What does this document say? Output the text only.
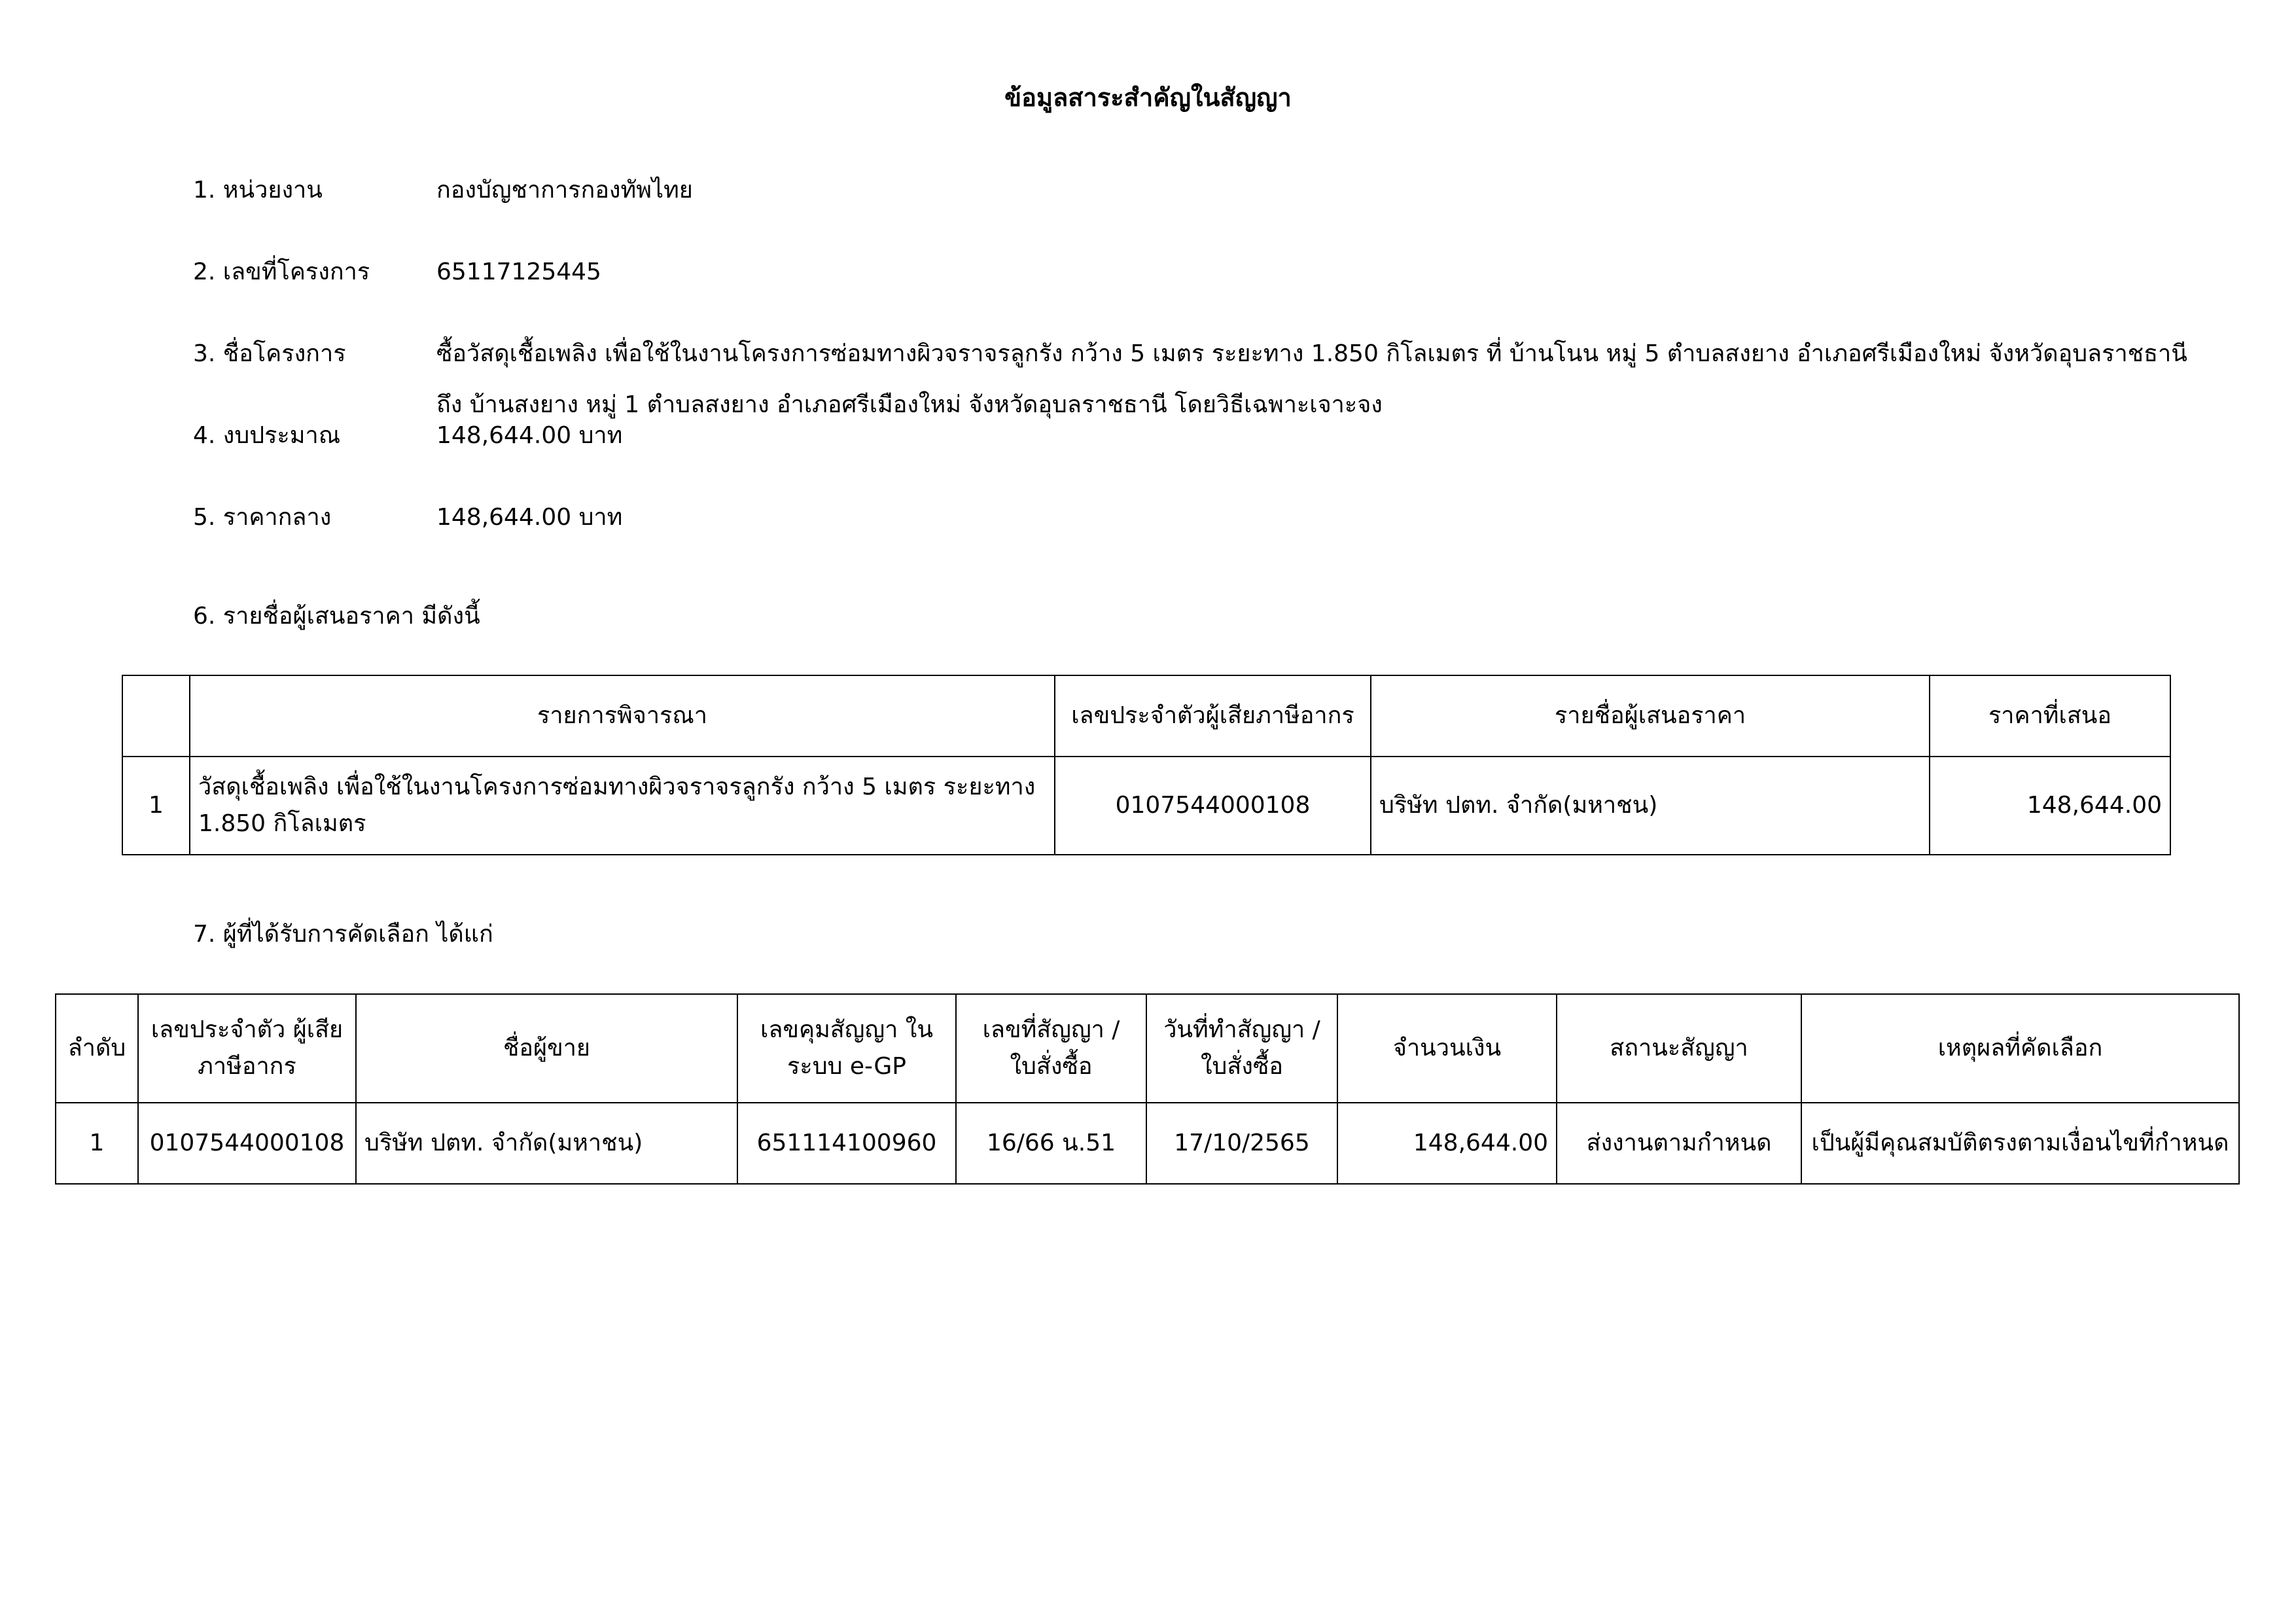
ข้อมูลสาระสำคัญในสัญญา
1. หน่วยงาน	กองบัญชาการกองทัพไทย
2. เลขที่โครงการ	65117125445
3. ชื่อโครงการ	ซื้อวัสดุเชื้อเพลิง เพื่อใช้ในงานโครงการซ่อมทางผิวจราจรลูกรัง กว้าง 5 เมตร ระยะทาง 1.850 กิโลเมตร ที่ บ้านโนน หมู่ 5 ตำบลสงยาง อำเภอศรีเมืองใหม่ จังหวัดอุบลราชธานี ถึง บ้านสงยาง หมู่ 1 ตำบลสงยาง อำเภอศรีเมืองใหม่ จังหวัดอุบลราชธานี โดยวิธีเฉพาะเจาะจง
4. งบประมาณ	148,644.00 บาท
5. ราคากลาง	148,644.00 บาท
6. รายชื่อผู้เสนอราคา มีดังนี้
	รายการพิจารณา	เลขประจำตัวผู้เสียภาษีอากร	รายชื่อผู้เสนอราคา	ราคาที่เสนอ
1	วัสดุเชื้อเพลิง เพื่อใช้ในงานโครงการซ่อมทางผิวจราจรลูกรัง กว้าง 5 เมตร ระยะทาง 1.850 กิโลเมตร	0107544000108	บริษัท ปตท. จำกัด(มหาชน)	148,644.00
7. ผู้ที่ได้รับการคัดเลือก ได้แก่
ลำดับ	เลขประจำตัว ผู้เสียภาษีอากร	ชื่อผู้ขาย	เลขคุมสัญญา ในระบบ e-GP	เลขที่สัญญา / ใบสั่งซื้อ	วันที่ทำสัญญา / ใบสั่งซื้อ	จำนวนเงิน	สถานะสัญญา	เหตุผลที่คัดเลือก
1	0107544000108	บริษัท ปตท. จำกัด(มหาชน)	651114100960	16/66 น.51	17/10/2565	148,644.00	ส่งงานตามกำหนด	เป็นผู้มีคุณสมบัติตรงตามเงื่อนไขที่กำหนด
